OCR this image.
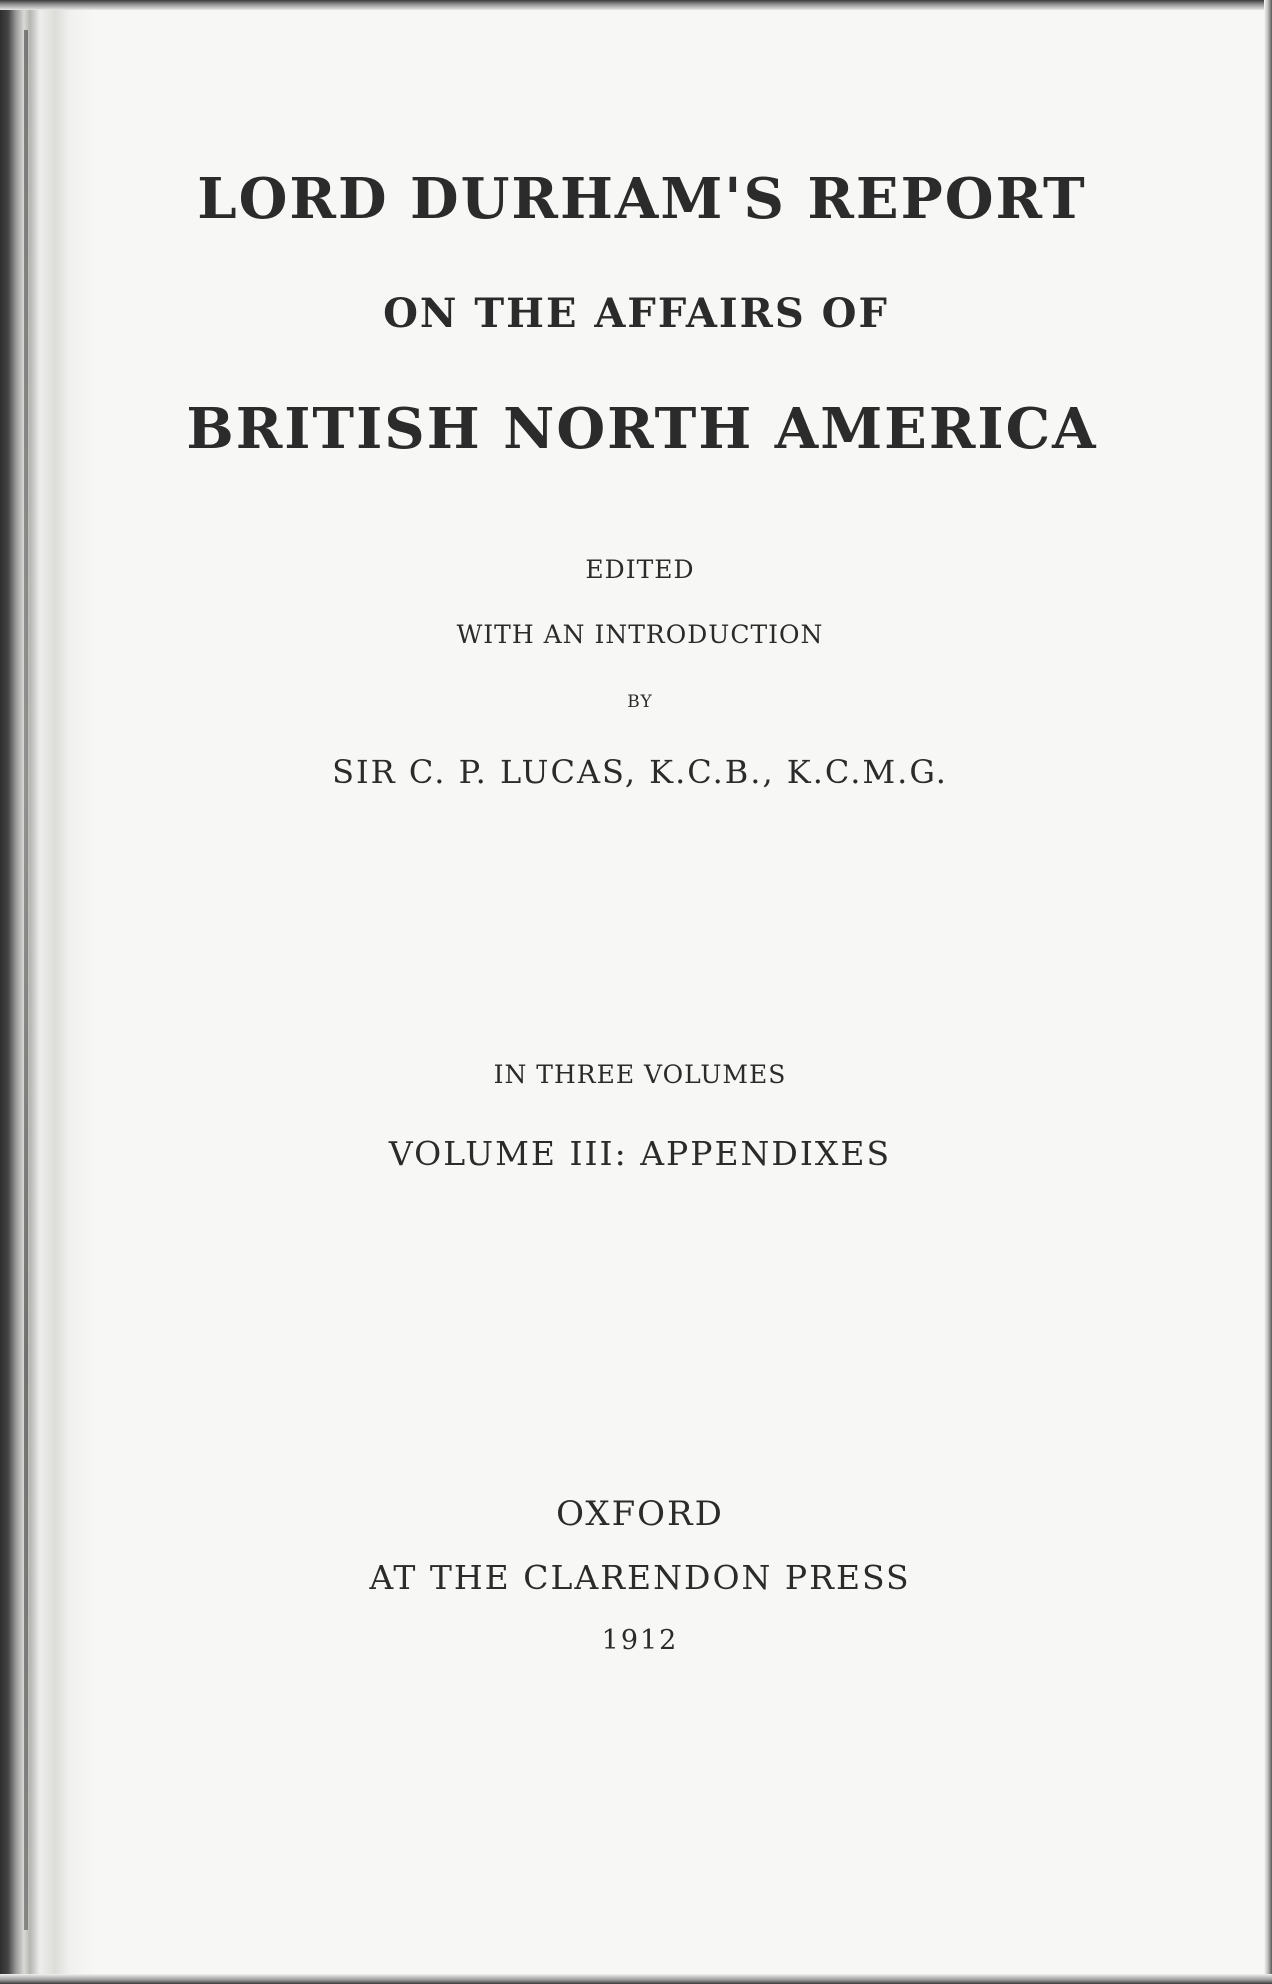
LORD DURHAM'S REPORT
ON THE AFFAIRS OF
BRITISH NORTH AMERICA
EDITED
WITH AN INTRODUCTION
BY
SIR C. P. LUCAS, K.C.B., K.C.M.G.
IN THREE VOLUMES
VOLUME III: APPENDIXES
OXFORD
AT THE CLARENDON PRESS
1912
